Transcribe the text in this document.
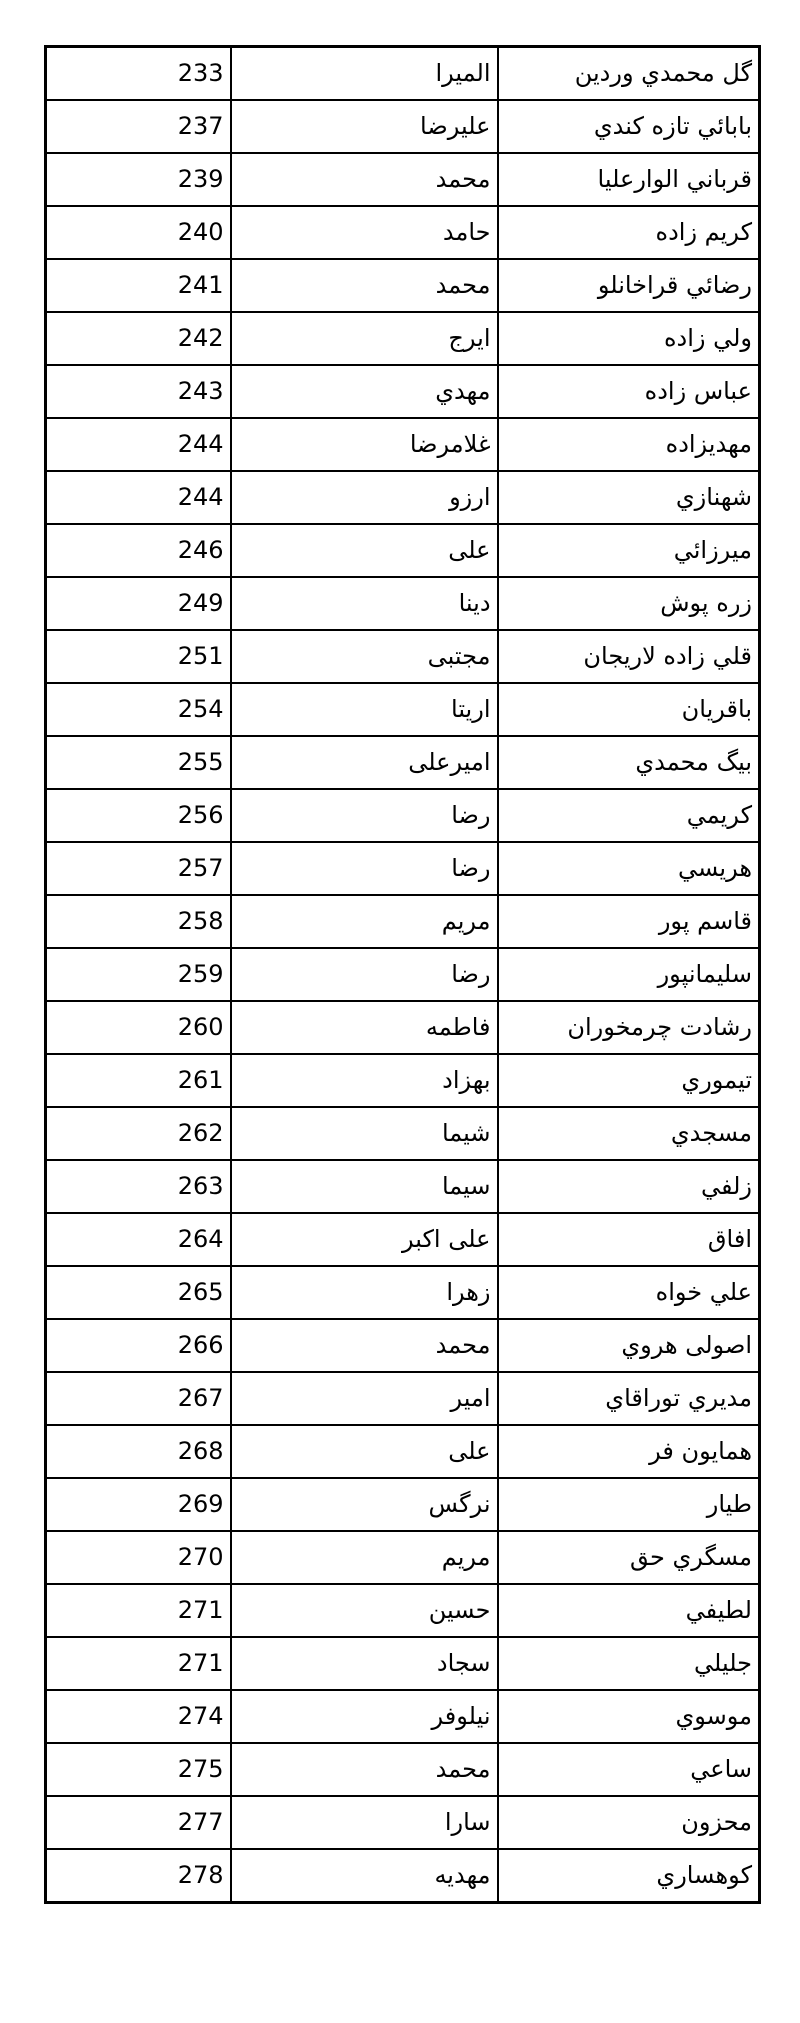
233	الميرا	گل محمدي وردين
237	عليرضا	بابائي تازه كندي
239	محمد	قرباني الوارعليا
240	حامد	كريم زاده
241	محمد	رضائي قراخانلو
242	ايرج	ولي زاده
243	مهدي	عباس زاده
244	غلامرضا	مهديزاده
244	ارزو	شهنازي
246	علی	ميرزائي
249	دينا	زره پوش
251	مجتبی	قلي زاده لاريجان
254	اريتا	باقريان
255	اميرعلی	بيگ محمدي
256	رضا	كريمي
257	رضا	هريسي
258	مريم	قاسم پور
259	رضا	سليمانپور
260	فاطمه	رشادت چرمخوران
261	بهزاد	تيموري
262	شيما	مسجدي
263	سيما	زلفي
264	علی اكبر	افاق
265	زهرا	علي خواه
266	محمد	اصولی هروي
267	امير	مديري توراقاي
268	علی	همايون فر
269	نرگس	طيار
270	مريم	مسگري حق
271	حسين	لطيفي
271	سجاد	جليلي
274	نيلوفر	موسوي
275	محمد	ساعي
277	سارا	محزون
278	مهديه	كوهساري
